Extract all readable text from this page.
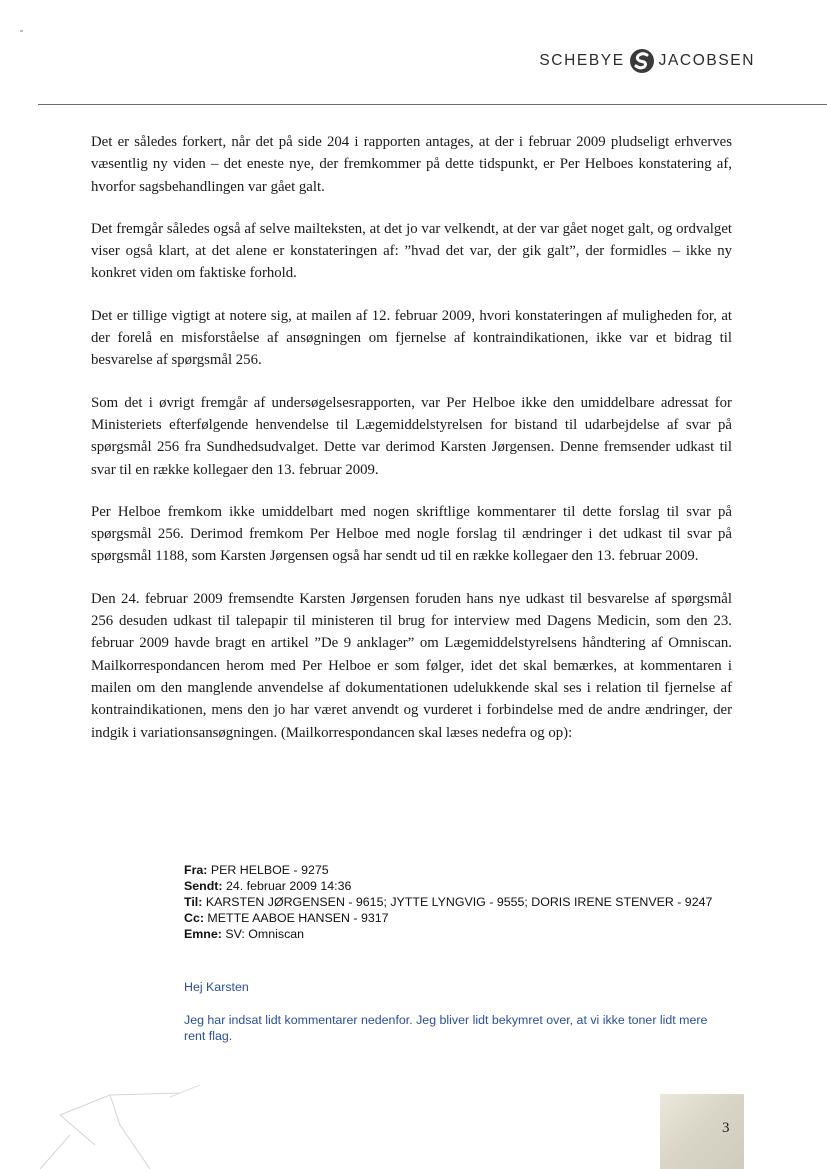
SCHEBYE JACOBSEN

Det er således forkert, når det på side 204 i rapporten antages, at der i februar 2009 pludseligt erhverves væsentlig ny viden – det eneste nye, der fremkommer på dette tidspunkt, er Per Helboes konstatering af, hvorfor sagsbehandlingen var gået galt.

Det fremgår således også af selve mailteksten, at det jo var velkendt, at der var gået noget galt, og ordvalget viser også klart, at det alene er konstateringen af: ”hvad det var, der gik galt”, der formidles – ikke ny konkret viden om faktiske forhold.

Det er tillige vigtigt at notere sig, at mailen af 12. februar 2009, hvori konstateringen af muligheden for, at der forelå en misforståelse af ansøgningen om fjernelse af kontraindikationen, ikke var et bidrag til besvarelse af spørgsmål 256.

Som det i øvrigt fremgår af undersøgelsesrapporten, var Per Helboe ikke den umiddelbare adressat for Ministeriets efterfølgende henvendelse til Lægemiddelstyrelsen for bistand til udarbejdelse af svar på spørgsmål 256 fra Sundhedsudvalget. Dette var derimod Karsten Jørgensen. Denne fremsender udkast til svar til en række kollegaer den 13. februar 2009.

Per Helboe fremkom ikke umiddelbart med nogen skriftlige kommentarer til dette forslag til svar på spørgsmål 256. Derimod fremkom Per Helboe med nogle forslag til ændringer i det udkast til svar på spørgsmål 1188, som Karsten Jørgensen også har sendt ud til en række kollegaer den 13. februar 2009.

Den 24. februar 2009 fremsendte Karsten Jørgensen foruden hans nye udkast til besvarelse af spørgsmål 256 desuden udkast til talepapir til ministeren til brug for interview med Dagens Medicin, som den 23. februar 2009 havde bragt en artikel ”De 9 anklager” om Lægemiddelstyrelsens håndtering af Omniscan. Mailkorrespondancen herom med Per Helboe er som følger, idet det skal bemærkes, at kommentaren i mailen om den manglende anvendelse af dokumentationen udelukkende skal ses i relation til fjernelse af kontraindikationen, mens den jo har været anvendt og vurderet i forbindelse med de andre ændringer, der indgik i variationsansøgningen. (Mailkorrespondancen skal læses nedefra og op):

Fra: PER HELBOE - 9275
Sendt: 24. februar 2009 14:36
Til: KARSTEN JØRGENSEN - 9615; JYTTE LYNGVIG - 9555; DORIS IRENE STENVER - 9247
Cc: METTE AABOE HANSEN - 9317
Emne: SV: Omniscan
Hej Karsten
Jeg har indsat lidt kommentarer nedenfor. Jeg bliver lidt bekymret over, at vi ikke toner lidt mere rent flag.
3
